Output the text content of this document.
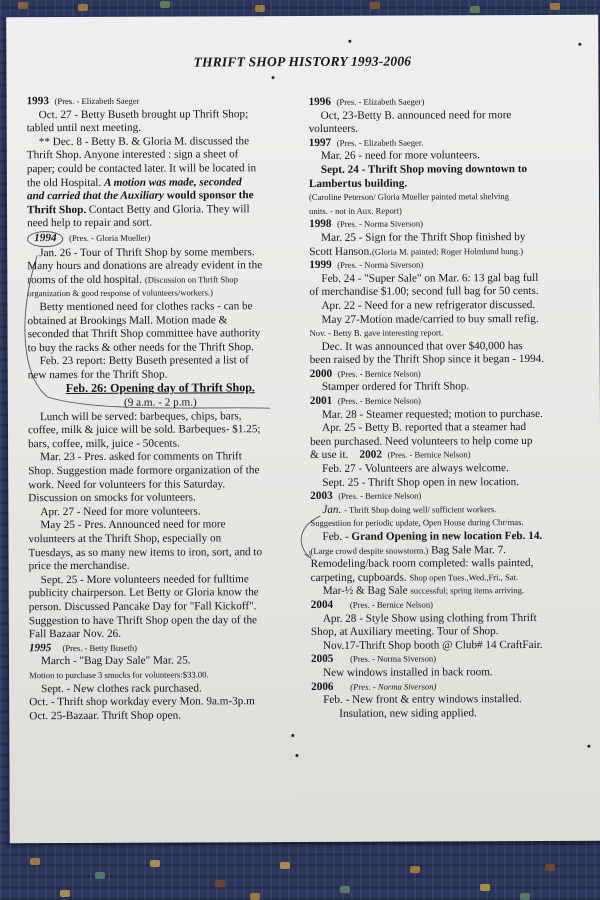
THRIFT SHOP HISTORY 1993-2006

1993 (Pres. - Elizabeth Saeger

Oct. 27 - Betty Buseth brought up Thrift Shop;

tabled until next meeting.

** Dec. 8 - Betty B. & Gloria M. discussed the

Thrift Shop. Anyone interested : sign a sheet of

paper; could be contacted later. It will be located in

the old Hospital. A motion was made, seconded

and carried that the Auxiliary would sponsor the

Thrift Shop. Contact Betty and Gloria. They will

need help to repair and sort.

1994 (Pres. - Gloria Mueller)

Jan. 26 - Tour of Thrift Shop by some members.

Many hours and donations are already evident in the

rooms of the old hospital. (Discussion on Thrift Shop

organization & good response of volunteers/workers.)

Betty mentioned need for clothes racks - can be

obtained at Brookings Mall. Motion made &

seconded that Thrift Shop committee have authority

to buy the racks & other needs for the Thrift Shop.

Feb. 23 report: Betty Buseth presented a list of

new names for the Thrift Shop.

Feb. 26: Opening day of Thrift Shop.

(9 a.m. - 2 p.m.)

Lunch will be served: barbeques, chips, bars,

coffee, milk & juice will be sold. Barbeques- $1.25;

bars, coffee, milk, juice - 50cents.

Mar. 23 - Pres. asked for comments on Thrift

Shop. Suggestion made formore organization of the

work. Need for volunteers for this Saturday.

Discussion on smocks for volunteers.

Apr. 27 - Need for more volunteers.

May 25 - Pres. Announced need for more

volunteers at the Thrift Shop, especially on

Tuesdays, as so many new items to iron, sort, and to

price the merchandise.

Sept. 25 - More volunteers needed for fulltime

publicity chairperson. Let Betty or Gloria know the

person. Discussed Pancake Day for "Fall Kickoff".

Suggestion to have Thrift Shop open the day of the

Fall Bazaar Nov. 26.

1995 (Pres. - Betty Buseth)

March - "Bag Day Sale" Mar. 25.

Motion to purchase 3 smocks for volunteers:$33.00.

Sept. - New clothes rack purchased.

Oct. - Thrift shop workday every Mon. 9a.m-3p.m

Oct. 25-Bazaar. Thrift Shop open.

1996 (Pres. - Elizabeth Saeger)

Oct, 23-Betty B. announced need for more

volunteers.

1997 (Pres. - Elizabeth Saeger.

Mar. 26 - need for more volunteers.

Sept. 24 - Thrift Shop moving downtown to

Lambertus building.

(Caroline Peterson/ Gloria Mueller painted metal shelving

units. - not in Aux. Report)

1998 (Pres. - Norma Siverson)

Mar. 25 - Sign for the Thrift Shop finished by

Scott Hanson.(Gloria M. painted; Roger Holmlund hung.)

1999 (Pres. - Norma Siverson)

Feb. 24 - "Super Sale" on Mar. 6: 13 gal bag full

of merchandise $1.00; second full bag for 50 cents.

Apr. 22 - Need for a new refrigerator discussed.

May 27-Motion made/carried to buy small refig.

Nov. - Betty B. gave interesting report.

Dec. It was announced that over $40,000 has

been raised by the Thrift Shop since it began - 1994.

2000 (Pres. - Bernice Nelson)

Stamper ordered for Thrift Shop.

2001 (Pres. - Bernice Nelson)

Mar. 28 - Steamer requested; motion to purchase.

Apr. 25 - Betty B. reported that a steamer had

been purchased. Need volunteers to help come up

& use it. 2002 (Pres. - Bernice Nelson)

Feb. 27 - Volunteers are always welcome.

Sept. 25 - Thrift Shop open in new location.

2003 (Pres. - Bernice Nelson)

Jan. - Thrift Shop doing well/ sufficient workers.

Suggestiion for periodic update, Open House during Chr/mas.

Feb. - Grand Opening in new location Feb. 14.

(Large crowd despite snowstorm.) Bag Sale Mar. 7.

Remodeling/back room completed: walls painted,

carpeting, cupboards. Shop open Tues.,Wed.,Fri., Sat.

Mar-½ & Bag Sale successful; spring items arriving.

2004 (Pres. - Bernice Nelson)

Apr. 28 - Style Show using clothing from Thrift

Shop, at Auxiliary meeting. Tour of Shop.

Nov.17-Thrift Shop booth @ Club# 14 CraftFair.

2005 (Pres. - Norma Siverson)

New windows installed in back room.

2006 (Pres. - Norma Siverson)

Feb. - New front & entry windows installed.

Insulation, new siding applied.
